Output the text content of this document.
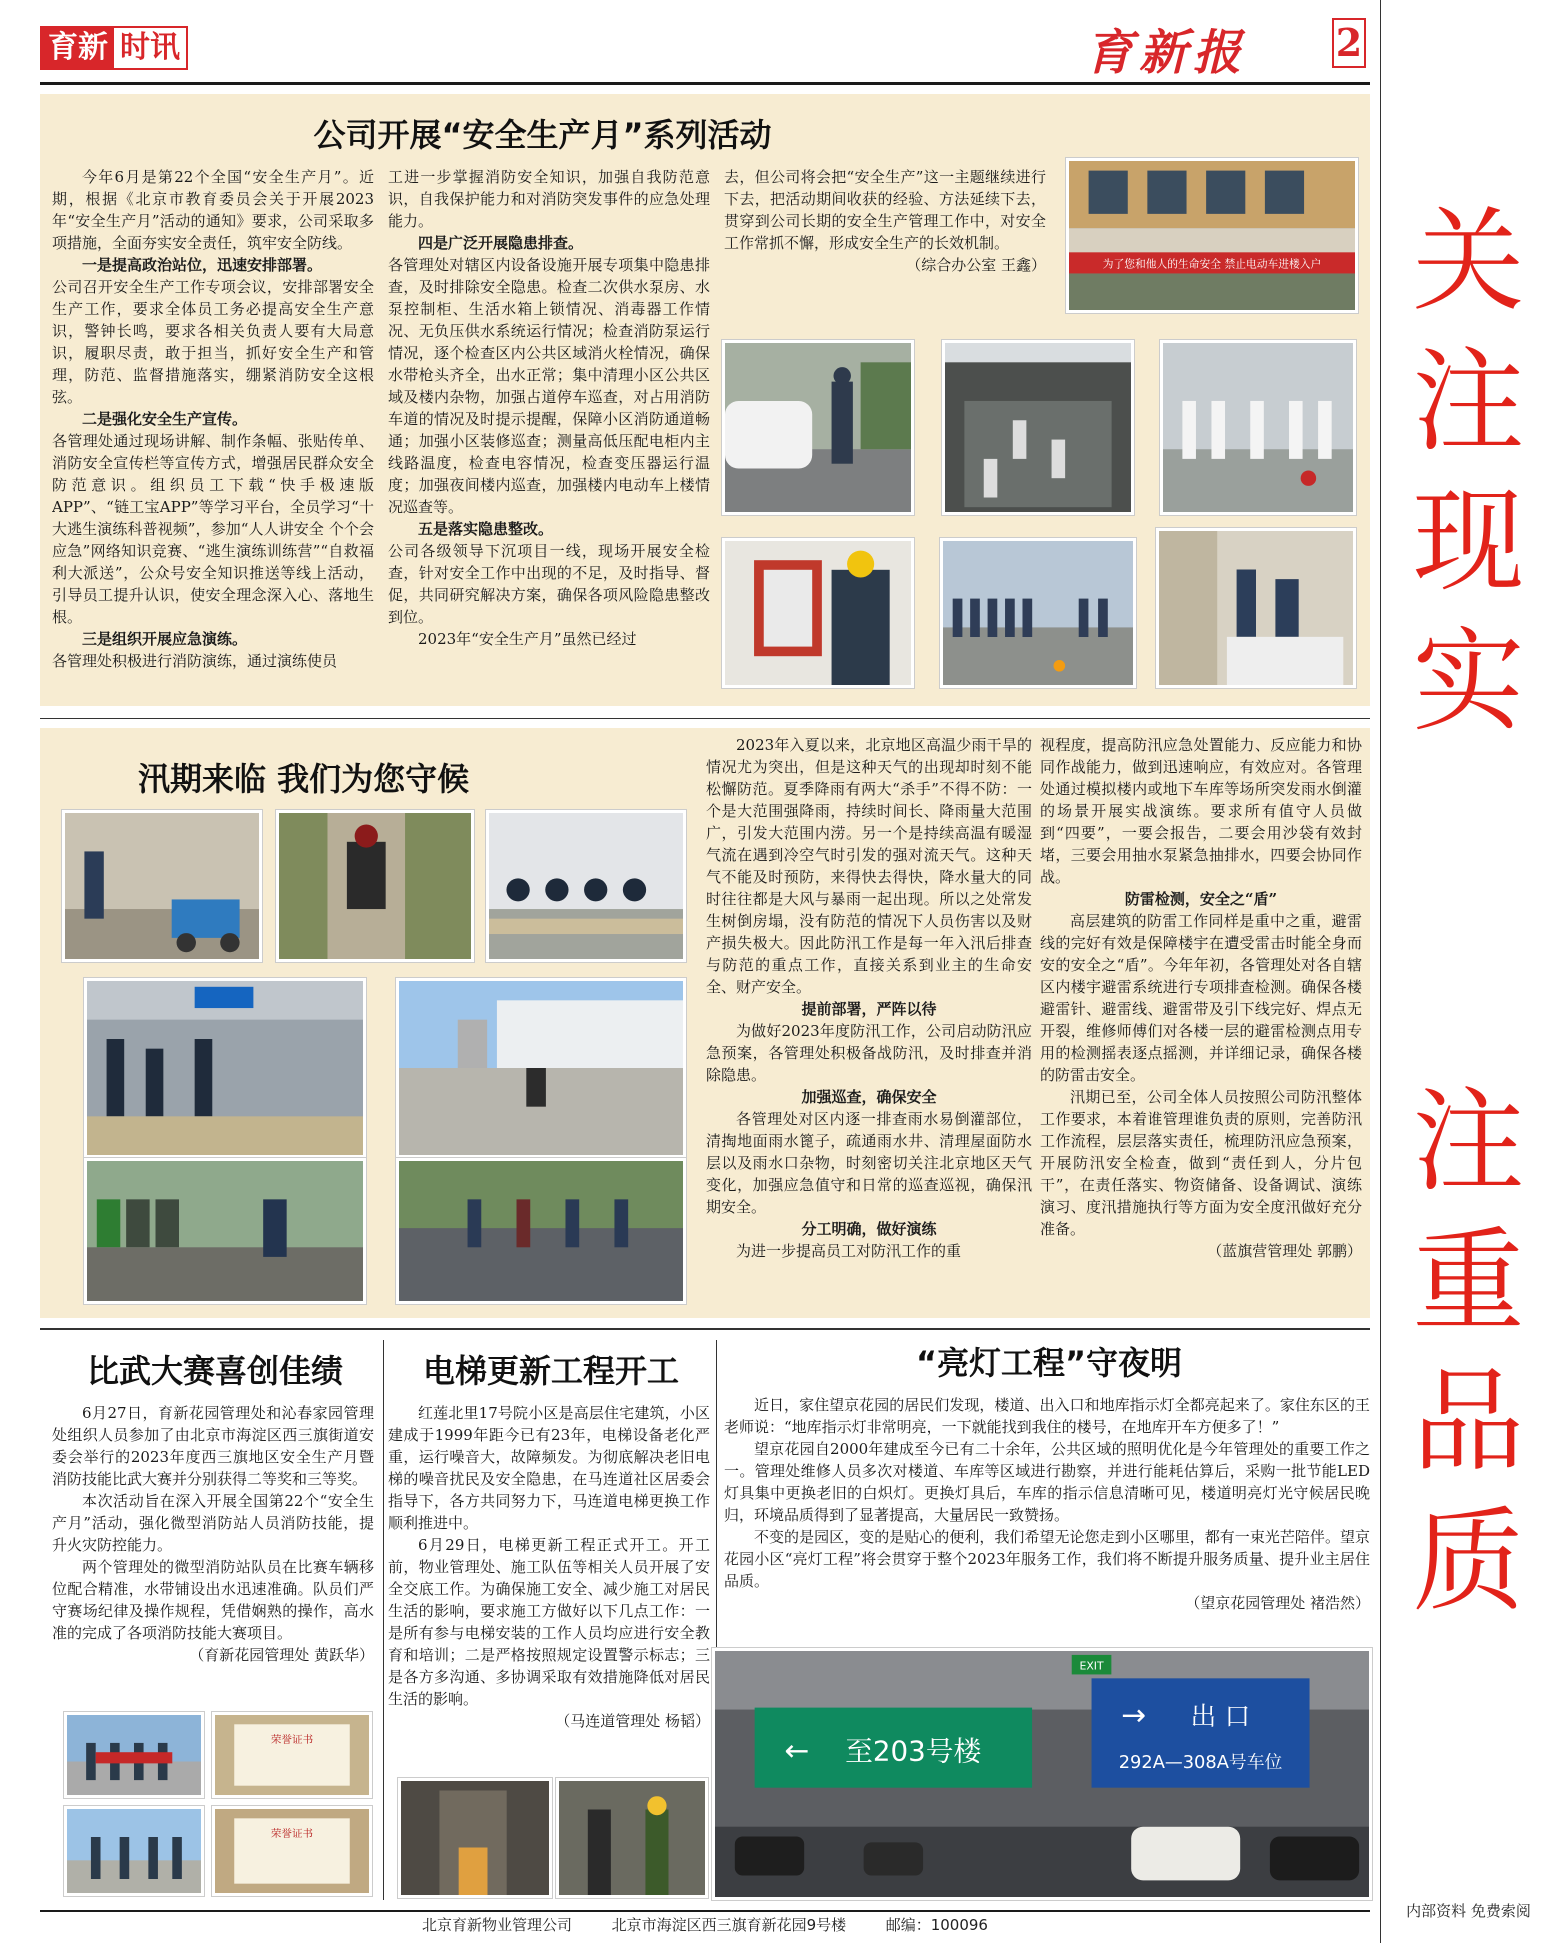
育新 时讯	育新报 2
关
注
现
实
注
重
品
质
内部资料 免费索阅
公司开展“安全生产月”系列活动

今年6月是第22个全国“安全生产月”。近期，根据《北京市教育委员会关于开展2023年“安全生产月”活动的通知》要求，公司采取多项措施，全面夯实安全责任，筑牢安全防线。

一是提高政治站位，迅速安排部署。

公司召开安全生产工作专项会议，安排部署安全生产工作，要求全体员工务必提高安全生产意识，警钟长鸣，要求各相关负责人要有大局意识，履职尽责，敢于担当，抓好安全生产和管理，防范、监督措施落实，绷紧消防安全这根弦。

二是强化安全生产宣传。

各管理处通过现场讲解、制作条幅、张贴传单、消防安全宣传栏等宣传方式，增强居民群众安全防范意识。组织员工下载“快手极速版APP”、“链工宝APP”等学习平台，全员学习“十大逃生演练科普视频”，参加“人人讲安全 个个会应急”网络知识竞赛、“逃生演练训练营”“自救福利大派送”，公众号安全知识推送等线上活动，引导员工提升认识，使安全理念深入心、落地生根。

三是组织开展应急演练。

各管理处积极进行消防演练，通过演练使员

工进一步掌握消防安全知识，加强自我防范意识，自我保护能力和对消防突发事件的应急处理能力。

四是广泛开展隐患排查。

各管理处对辖区内设备设施开展专项集中隐患排查，及时排除安全隐患。检查二次供水泵房、水泵控制柜、生活水箱上锁情况、消毒器工作情况、无负压供水系统运行情况；检查消防泵运行情况，逐个检查区内公共区域消火栓情况，确保水带枪头齐全，出水正常；集中清理小区公共区域及楼内杂物，加强占道停车巡查，对占用消防车道的情况及时提示提醒，保障小区消防通道畅通；加强小区装修巡查；测量高低压配电柜内主线路温度，检查电容情况，检查变压器运行温度；加强夜间楼内巡查，加强楼内电动车上楼情况巡查等。

五是落实隐患整改。

公司各级领导下沉项目一线，现场开展安全检查，针对安全工作中出现的不足，及时指导、督促，共同研究解决方案，确保各项风险隐患整改到位。

2023年“安全生产月”虽然已经过

去，但公司将会把“安全生产”这一主题继续进行下去，把活动期间收获的经验、方法延续下去，贯穿到公司长期的安全生产管理工作中，对安全工作常抓不懈，形成安全生产的长效机制。

（综合办公室 王鑫）	为了您和他人的生命安全 禁止电动车进楼入户
汛期来临 我们为您守候

2023年入夏以来，北京地区高温少雨干旱的情况尤为突出，但是这种天气的出现却时刻不能松懈防范。夏季降雨有两大“杀手”不得不防：一个是大范围强降雨，持续时间长、降雨量大范围广，引发大范围内涝。另一个是持续高温有暖湿气流在遇到冷空气时引发的强对流天气。这种天气不能及时预防，来得快去得快，降水量大的同时往往都是大风与暴雨一起出现。所以之处常发生树倒房塌，没有防范的情况下人员伤害以及财产损失极大。因此防汛工作是每一年入汛后排查与防范的重点工作，直接关系到业主的生命安全、财产安全。

提前部署，严阵以待

为做好2023年度防汛工作，公司启动防汛应急预案，各管理处积极备战防汛，及时排查并消除隐患。

加强巡查，确保安全

各管理处对区内逐一排查雨水易倒灌部位，清掏地面雨水篦子，疏通雨水井、清理屋面防水层以及雨水口杂物，时刻密切关注北京地区天气变化，加强应急值守和日常的巡查巡视，确保汛期安全。

分工明确，做好演练

为进一步提高员工对防汛工作的重

视程度，提高防汛应急处置能力、反应能力和协同作战能力，做到迅速响应，有效应对。各管理处通过模拟楼内或地下车库等场所突发雨水倒灌的场景开展实战演练。要求所有值守人员做到“四要”，一要会报告，二要会用沙袋有效封堵，三要会用抽水泵紧急抽排水，四要会协同作战。

防雷检测，安全之“盾”

高层建筑的防雷工作同样是重中之重，避雷线的完好有效是保障楼宇在遭受雷击时能全身而安的安全之“盾”。今年年初，各管理处对各自辖区内楼宇避雷系统进行专项排查检测。确保各楼避雷针、避雷线、避雷带及引下线完好、焊点无开裂，维修师傅们对各楼一层的避雷检测点用专用的检测摇表逐点摇测，并详细记录，确保各楼的防雷击安全。

汛期已至，公司全体人员按照公司防汛整体工作要求，本着谁管理谁负责的原则，完善防汛工作流程，层层落实责任，梳理防汛应急预案，开展防汛安全检查，做到“责任到人，分片包干”，在责任落实、物资储备、设备调试、演练演习、度汛措施执行等方面为安全度汛做好充分准备。

（蓝旗营管理处 郭鹏）

比武大赛喜创佳绩

6月27日，育新花园管理处和沁春家园管理处组织人员参加了由北京市海淀区西三旗街道安委会举行的2023年度西三旗地区安全生产月暨消防技能比武大赛并分别获得二等奖和三等奖。

本次活动旨在深入开展全国第22个“安全生产月”活动，强化微型消防站人员消防技能，提升火灾防控能力。

两个管理处的微型消防站队员在比赛车辆移位配合精准，水带铺设出水迅速准确。队员们严守赛场纪律及操作规程，凭借娴熟的操作，高水准的完成了各项消防技能大赛项目。

（育新花园管理处 黄跃华）

荣誉证书
荣誉证书
电梯更新工程开工

红莲北里17号院小区是高层住宅建筑，小区建成于1999年距今已有23年，电梯设备老化严重，运行噪音大，故障频发。为彻底解决老旧电梯的噪音扰民及安全隐患，在马连道社区居委会指导下，各方共同努力下，马连道电梯更换工作顺利推进中。

6月29日，电梯更新工程正式开工。开工前，物业管理处、施工队伍等相关人员开展了安全交底工作。为确保施工安全、减少施工对居民生活的影响，要求施工方做好以下几点工作：一是所有参与电梯安装的工作人员均应进行安全教育和培训；二是严格按照规定设置警示标志；三是各方多沟通、多协调采取有效措施降低对居民生活的影响。

（马连道管理处 杨韬）

“亮灯工程”守夜明

近日，家住望京花园的居民们发现，楼道、出入口和地库指示灯全都亮起来了。家住东区的王老师说：“地库指示灯非常明亮，一下就能找到我住的楼号，在地库开车方便多了！”

望京花园自2000年建成至今已有二十余年，公共区域的照明优化是今年管理处的重要工作之一。管理处维修人员多次对楼道、车库等区域进行勘察，并进行能耗估算后，采购一批节能LED灯具集中更换老旧的白炽灯。更换灯具后，车库的指示信息清晰可见，楼道明亮灯光守候居民晚归，环境品质得到了显著提高，大量居民一致赞扬。

不变的是园区，变的是贴心的便利，我们希望无论您走到小区哪里，都有一束光芒陪伴。望京花园小区“亮灯工程”将会贯穿于整个2023年服务工作，我们将不断提升服务质量、提升业主居住品质。

（望京花园管理处 褚浩然）

EXIT
← 至203号楼
→ 出 口
292A—308A号车位
北京育新物业管理公司	北京市海淀区西三旗育新花园9号楼	邮编：100096
